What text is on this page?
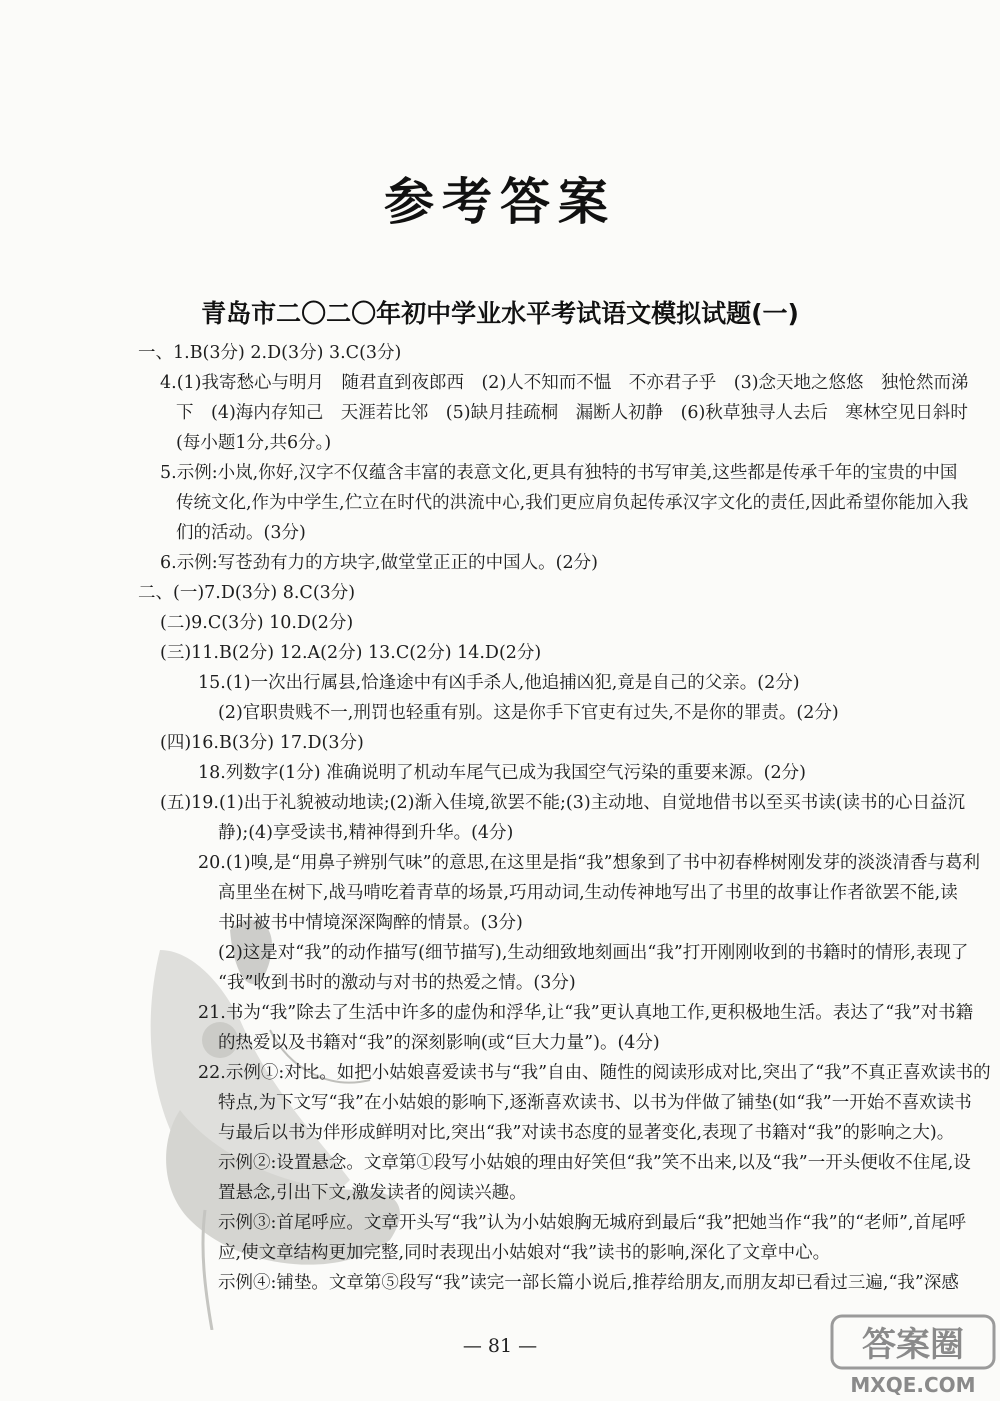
参考答案
青岛市二〇二〇年初中学业水平考试语文模拟试题(一)
一、1.B(3分) 2.D(3分) 3.C(3分)
4.(1)我寄愁心与明月　随君直到夜郎西　(2)人不知而不愠　不亦君子乎　(3)念天地之悠悠　独怆然而涕
下　(4)海内存知己　天涯若比邻　(5)缺月挂疏桐　漏断人初静　(6)秋草独寻人去后　寒林空见日斜时
(每小题1分,共6分。)
5.示例:小岚,你好,汉字不仅蕴含丰富的表意文化,更具有独特的书写审美,这些都是传承千年的宝贵的中国
传统文化,作为中学生,伫立在时代的洪流中心,我们更应肩负起传承汉字文化的责任,因此希望你能加入我
们的活动。(3分)
6.示例:写苍劲有力的方块字,做堂堂正正的中国人。(2分)
二、(一)7.D(3分) 8.C(3分)
(二)9.C(3分) 10.D(2分)
(三)11.B(2分) 12.A(2分) 13.C(2分) 14.D(2分)
15.(1)一次出行属县,恰逢途中有凶手杀人,他追捕凶犯,竟是自己的父亲。(2分)
(2)官职贵贱不一,刑罚也轻重有别。这是你手下官吏有过失,不是你的罪责。(2分)
(四)16.B(3分) 17.D(3分)
18.列数字(1分) 准确说明了机动车尾气已成为我国空气污染的重要来源。(2分)
(五)19.(1)出于礼貌被动地读;(2)渐入佳境,欲罢不能;(3)主动地、自觉地借书以至买书读(读书的心日益沉
静);(4)享受读书,精神得到升华。(4分)
20.(1)嗅,是“用鼻子辨别气味”的意思,在这里是指“我”想象到了书中初春桦树刚发芽的淡淡清香与葛利
高里坐在树下,战马啃吃着青草的场景,巧用动词,生动传神地写出了书里的故事让作者欲罢不能,读
书时被书中情境深深陶醉的情景。(3分)
(2)这是对“我”的动作描写(细节描写),生动细致地刻画出“我”打开刚刚收到的书籍时的情形,表现了
“我”收到书时的激动与对书的热爱之情。(3分)
21.书为“我”除去了生活中许多的虚伪和浮华,让“我”更认真地工作,更积极地生活。表达了“我”对书籍
的热爱以及书籍对“我”的深刻影响(或“巨大力量”)。(4分)
22.示例①:对比。如把小姑娘喜爱读书与“我”自由、随性的阅读形成对比,突出了“我”不真正喜欢读书的
特点,为下文写“我”在小姑娘的影响下,逐渐喜欢读书、以书为伴做了铺垫(如“我”一开始不喜欢读书
与最后以书为伴形成鲜明对比,突出“我”对读书态度的显著变化,表现了书籍对“我”的影响之大)。
示例②:设置悬念。文章第①段写小姑娘的理由好笑但“我”笑不出来,以及“我”一开头便收不住尾,设
置悬念,引出下文,激发读者的阅读兴趣。
示例③:首尾呼应。文章开头写“我”认为小姑娘胸无城府到最后“我”把她当作“我”的“老师”,首尾呼
应,使文章结构更加完整,同时表现出小姑娘对“我”读书的影响,深化了文章中心。
示例④:铺垫。文章第⑤段写“我”读完一部长篇小说后,推荐给朋友,而朋友却已看过三遍,“我”深感
— 81 —	答案圈
MXQE.COM
